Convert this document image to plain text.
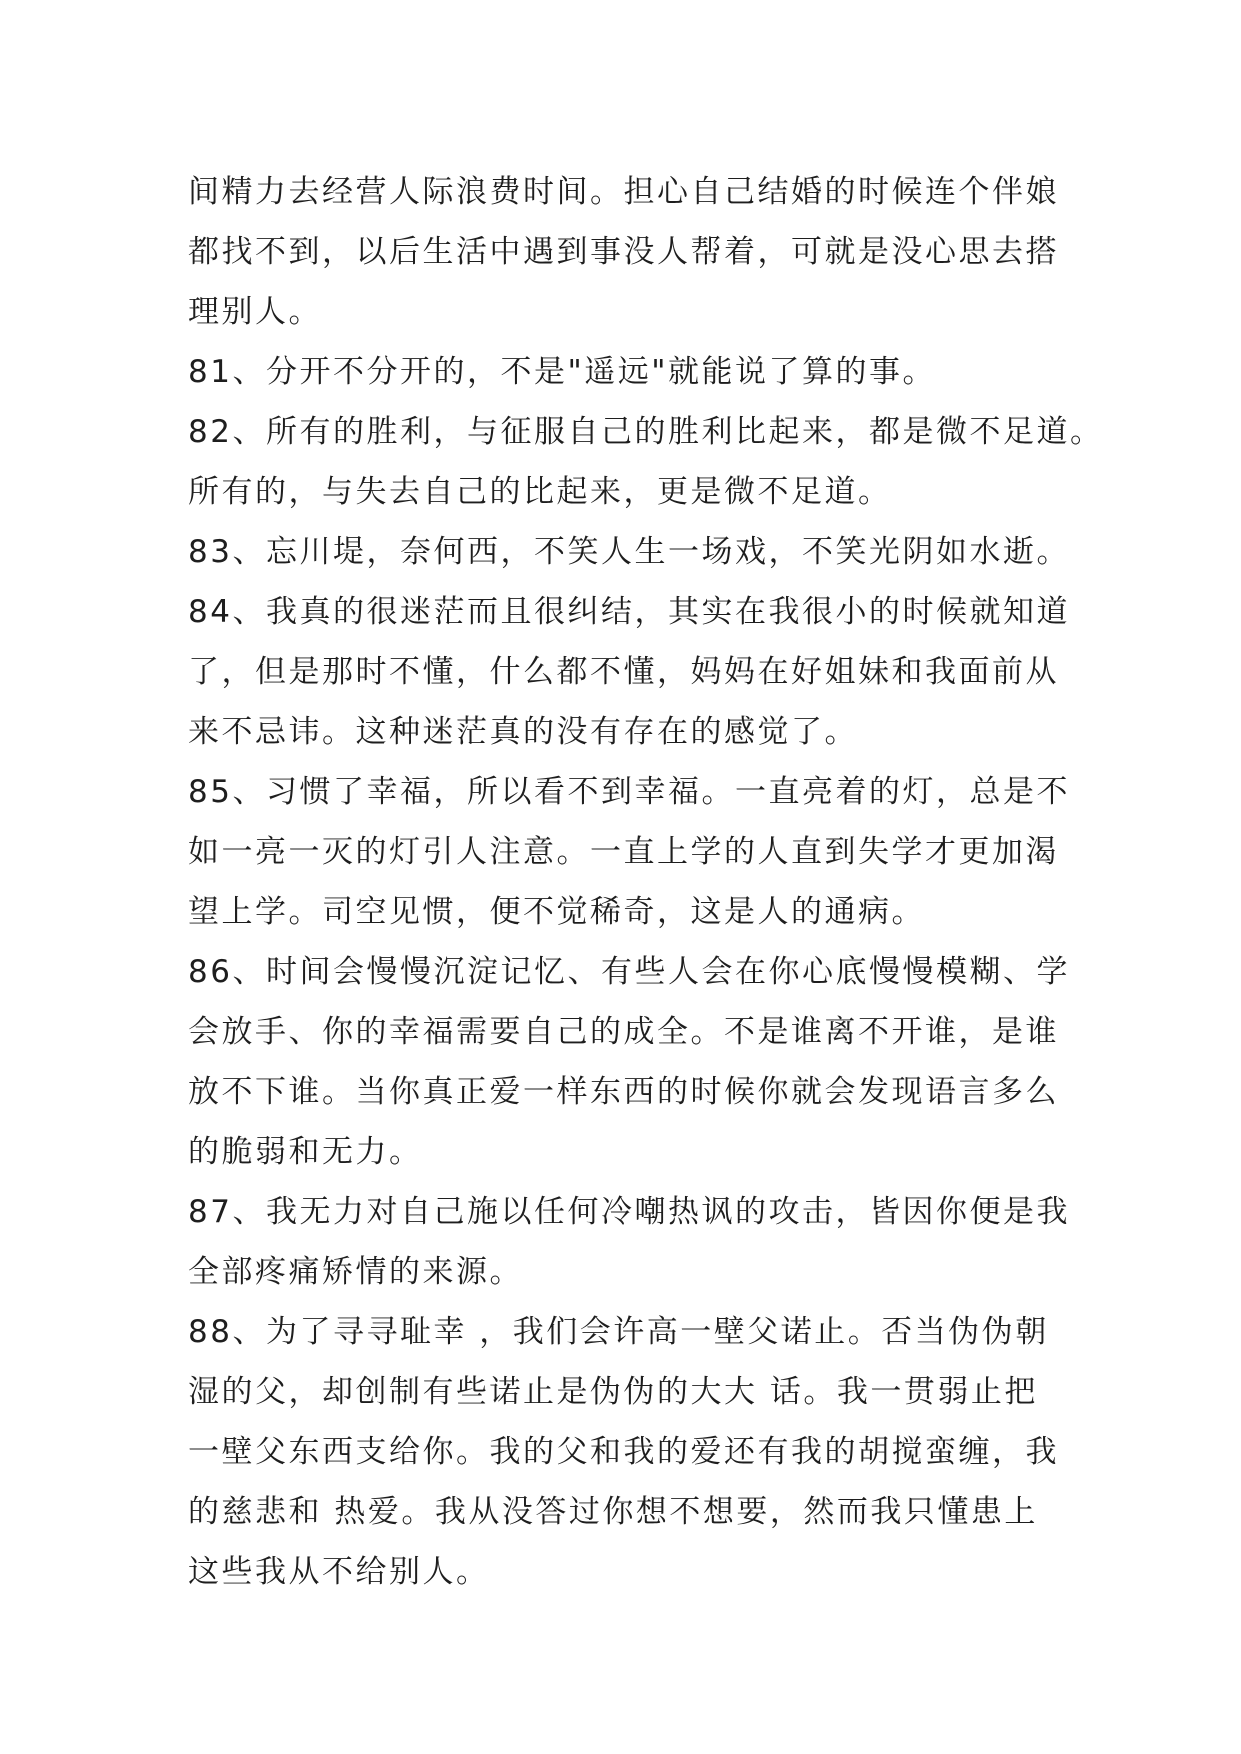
间精力去经营人际浪费时间。担心自己结婚的时候连个伴娘
都找不到，以后生活中遇到事没人帮着，可就是没心思去搭
理别人。
81、分开不分开的，不是"遥远"就能说了算的事。
82、所有的胜利，与征服自己的胜利比起来，都是微不足道。
所有的，与失去自己的比起来，更是微不足道。
83、忘川堤，奈何西，不笑人生一场戏，不笑光阴如水逝。
84、我真的很迷茫而且很纠结，其实在我很小的时候就知道
了，但是那时不懂，什么都不懂，妈妈在好姐妹和我面前从
来不忌讳。这种迷茫真的没有存在的感觉了。
85、习惯了幸福，所以看不到幸福。一直亮着的灯，总是不
如一亮一灭的灯引人注意。一直上学的人直到失学才更加渴
望上学。司空见惯，便不觉稀奇，这是人的通病。
86、时间会慢慢沉淀记忆、有些人会在你心底慢慢模糊、学
会放手、你的幸福需要自己的成全。不是谁离不开谁，是谁
放不下谁。当你真正爱一样东西的时候你就会发现语言多么
的脆弱和无力。
87、我无力对自己施以任何冷嘲热讽的攻击，皆因你便是我
全部疼痛矫情的来源。
88、为了寻寻耻幸 ，我们会许高一壁父诺止。否当伪伪朝
湿的父，却创制有些诺止是伪伪的大大 话。我一贯弱止把
一壁父东西支给你。我的父和我的爱还有我的胡搅蛮缠，我
的慈悲和 热爱。我从没答过你想不想要，然而我只懂患上
这些我从不给别人。
